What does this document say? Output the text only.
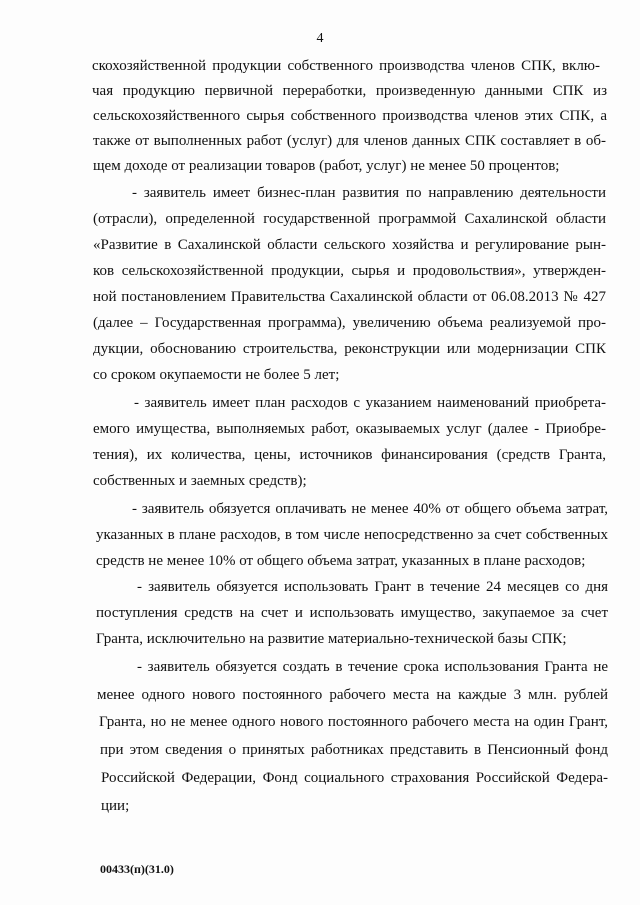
4
скохозяйственной продукции собственного производства членов СПК, вклю-
чая продукцию первичной переработки, произведенную данными СПК из
сельскохозяйственного сырья собственного производства членов этих СПК, а
также от выполненных работ (услуг) для членов данных СПК составляет в об-
щем доходе от реализации товаров (работ, услуг) не менее 50 процентов;
- заявитель имеет бизнес-план развития по направлению деятельности
(отрасли), определенной государственной программой Сахалинской области
«Развитие в Сахалинской области сельского хозяйства и регулирование рын-
ков сельскохозяйственной продукции, сырья и продовольствия», утвержден-
ной постановлением Правительства Сахалинской области от 06.08.2013 № 427
(далее – Государственная программа), увеличению объема реализуемой про-
дукции, обоснованию строительства, реконструкции или модернизации СПК
со сроком окупаемости не более 5 лет;
- заявитель имеет план расходов с указанием наименований приобрета-
емого имущества, выполняемых работ, оказываемых услуг (далее - Приобре-
тения), их количества, цены, источников финансирования (средств Гранта,
собственных и заемных средств);
- заявитель обязуется оплачивать не менее 40% от общего объема затрат,
указанных в плане расходов, в том числе непосредственно за счет собственных
средств не менее 10% от общего объема затрат, указанных в плане расходов;
- заявитель обязуется использовать Грант в течение 24 месяцев со дня
поступления средств на счет и использовать имущество, закупаемое за счет
Гранта, исключительно на развитие материально-технической базы СПК;
- заявитель обязуется создать в течение срока использования Гранта не
менее одного нового постоянного рабочего места на каждые 3 млн. рублей
Гранта, но не менее одного нового постоянного рабочего места на один Грант,
при этом сведения о принятых работниках представить в Пенсионный фонд
Российской Федерации, Фонд социального страхования Российской Федера-
ции;
00433(п)(31.0)
